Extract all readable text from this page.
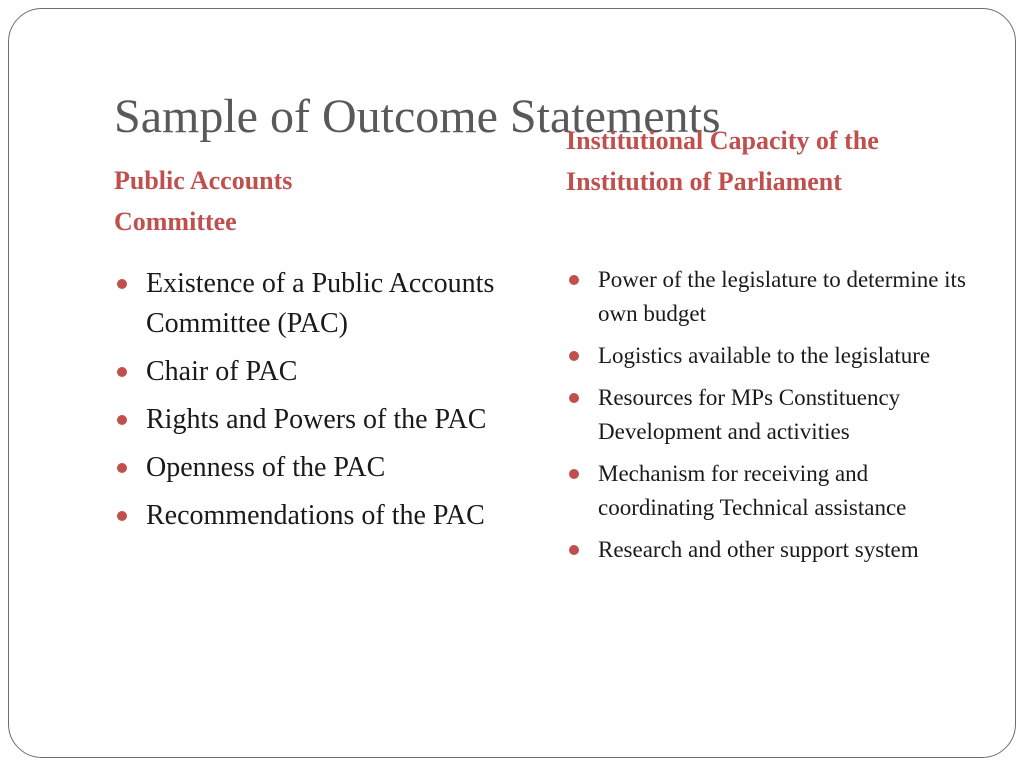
Sample of Outcome Statements
Public Accounts Committee
Institutional Capacity of the Institution of Parliament
Existence of a Public Accounts Committee (PAC)
Chair of PAC
Rights and Powers of the PAC
Openness of the PAC
Recommendations of the PAC
Power of the legislature to determine its own budget
Logistics available to the legislature
Resources for MPs Constituency Development and activities
Mechanism for receiving and coordinating Technical assistance
Research and other support system
